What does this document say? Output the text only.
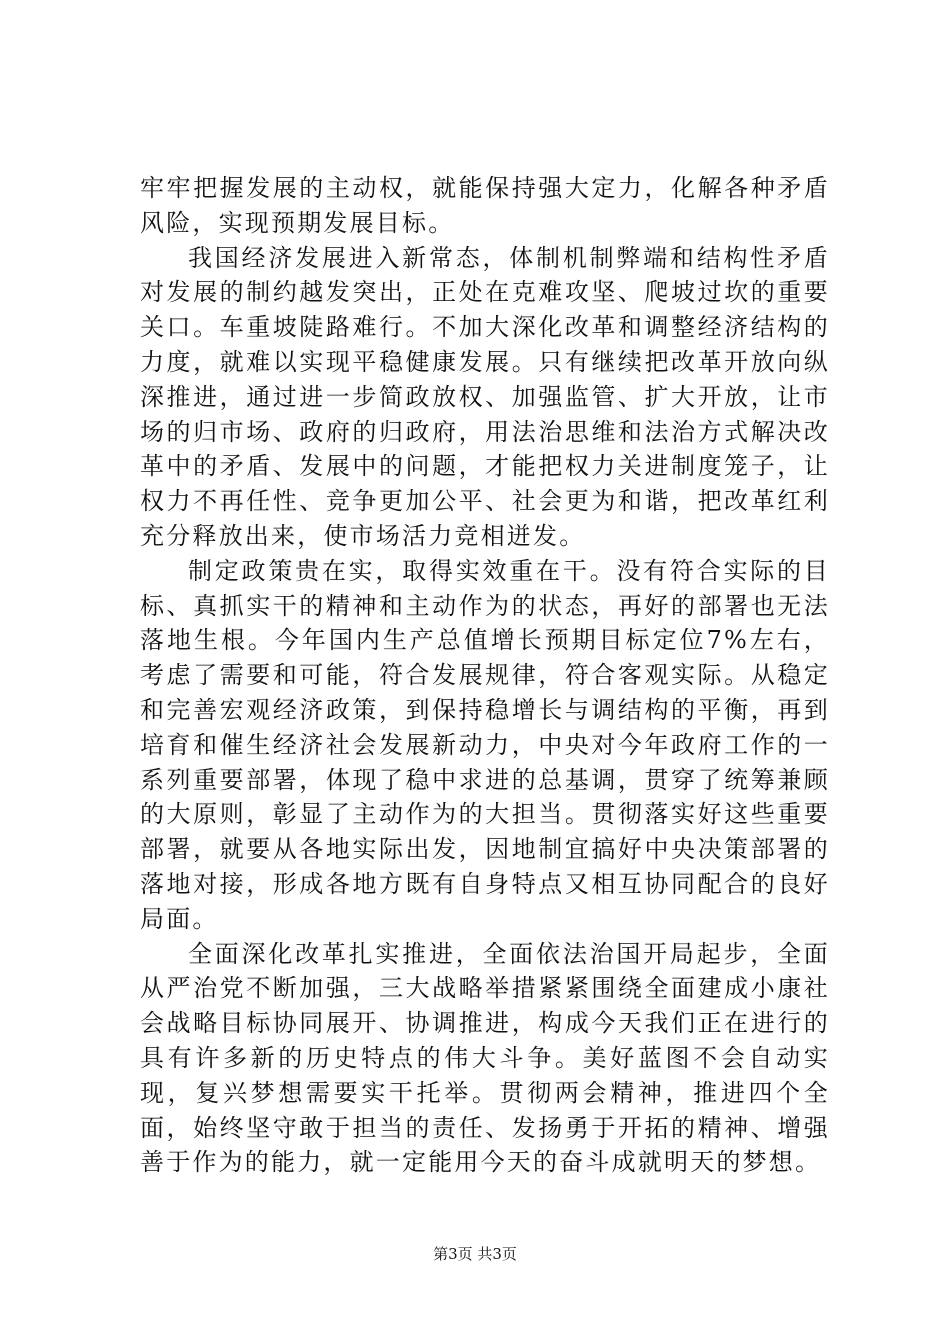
牢牢把握发展的主动权，就能保持强大定力，化解各种矛盾风险，实现预期发展目标。

我国经济发展进入新常态，体制机制弊端和结构性矛盾对发展的制约越发突出，正处在克难攻坚、爬坡过坎的重要关口。车重坡陡路难行。不加大深化改革和调整经济结构的力度，就难以实现平稳健康发展。只有继续把改革开放向纵深推进，通过进一步简政放权、加强监管、扩大开放，让市场的归市场、政府的归政府，用法治思维和法治方式解决改革中的矛盾、发展中的问题，才能把权力关进制度笼子，让权力不再任性、竞争更加公平、社会更为和谐，把改革红利充分释放出来，使市场活力竞相迸发。

制定政策贵在实，取得实效重在干。没有符合实际的目标、真抓实干的精神和主动作为的状态，再好的部署也无法落地生根。今年国内生产总值增长预期目标定位7%左右，考虑了需要和可能，符合发展规律，符合客观实际。从稳定和完善宏观经济政策，到保持稳增长与调结构的平衡，再到培育和催生经济社会发展新动力，中央对今年政府工作的一系列重要部署，体现了稳中求进的总基调，贯穿了统筹兼顾的大原则，彰显了主动作为的大担当。贯彻落实好这些重要部署，就要从各地实际出发，因地制宜搞好中央决策部署的落地对接，形成各地方既有自身特点又相互协同配合的良好局面。

全面深化改革扎实推进，全面依法治国开局起步，全面从严治党不断加强，三大战略举措紧紧围绕全面建成小康社会战略目标协同展开、协调推进，构成今天我们正在进行的具有许多新的历史特点的伟大斗争。美好蓝图不会自动实现，复兴梦想需要实干托举。贯彻两会精神，推进四个全面，始终坚守敢于担当的责任、发扬勇于开拓的精神、增强善于作为的能力，就一定能用今天的奋斗成就明天的梦想。

第3页 共3页
